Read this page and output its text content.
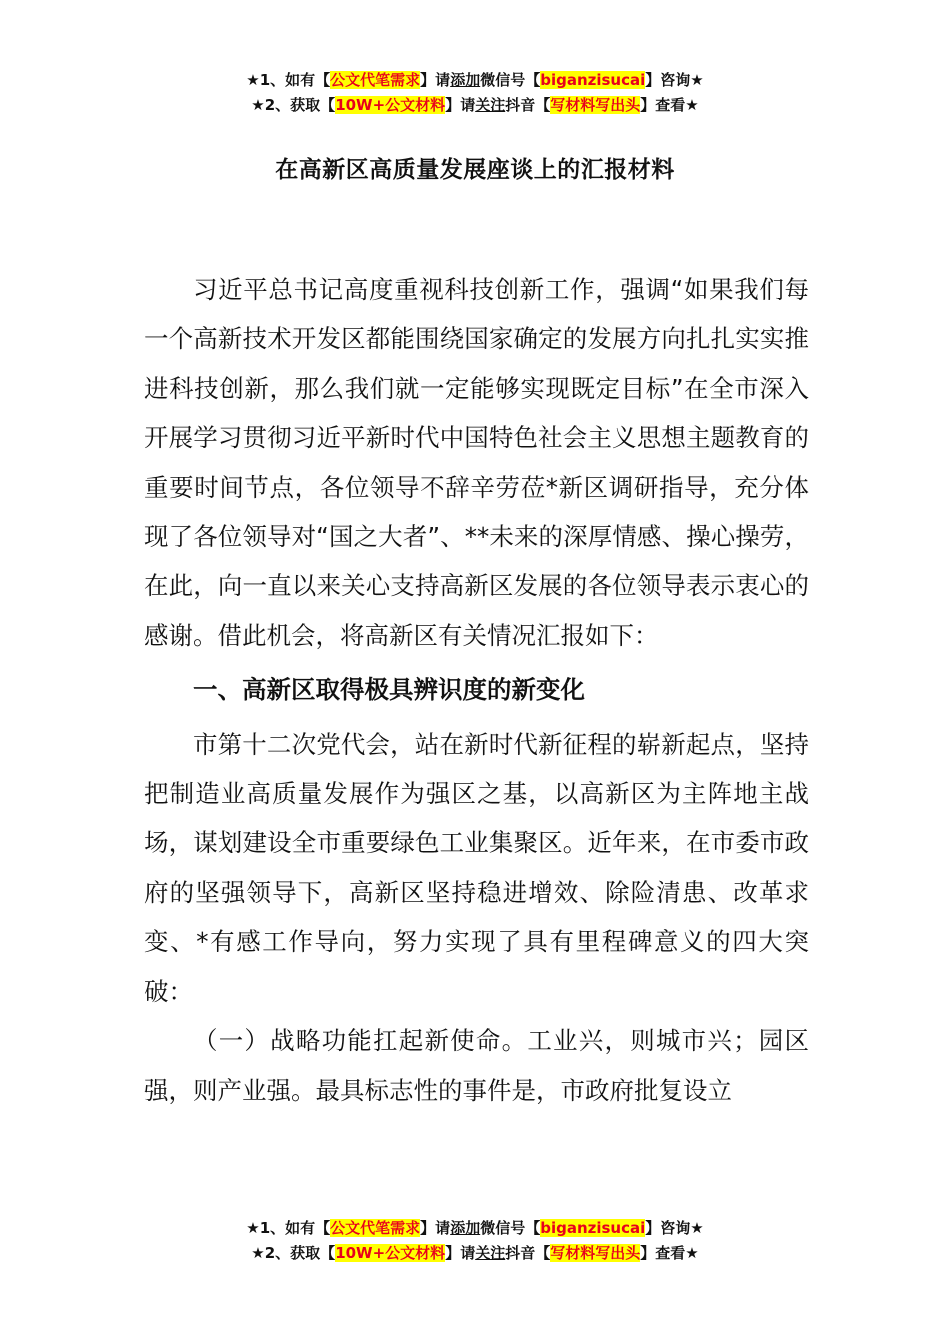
★1、如有【公文代笔需求】请添加微信号【biganzisucai】咨询★
★2、获取【10W+公文材料】请关注抖音【写材料写出头】查看★
在高新区高质量发展座谈上的汇报材料

习近平总书记高度重视科技创新工作，强调“如果我们每一个高新技术开发区都能围绕国家确定的发展方向扎扎实实推进科技创新，那么我们就一定能够实现既定目标”在全市深入开展学习贯彻习近平新时代中国特色社会主义思想主题教育的重要时间节点，各位领导不辞辛劳莅*新区调研指导，充分体现了各位领导对“国之大者”、**未来的深厚情感、操心操劳，在此，向一直以来关心支持高新区发展的各位领导表示衷心的感谢。借此机会，将高新区有关情况汇报如下：

一、高新区取得极具辨识度的新变化

市第十二次党代会，站在新时代新征程的崭新起点，坚持把制造业高质量发展作为强区之基，以高新区为主阵地主战场，谋划建设全市重要绿色工业集聚区。近年来，在市委市政府的坚强领导下，高新区坚持稳进增效、除险清患、改革求变、*有感工作导向，努力实现了具有里程碑意义的四大突破：

（一）战略功能扛起新使命。工业兴，则城市兴；园区强，则产业强。最具标志性的事件是，市政府批复设立

★1、如有【公文代笔需求】请添加微信号【biganzisucai】咨询★
★2、获取【10W+公文材料】请关注抖音【写材料写出头】查看★
